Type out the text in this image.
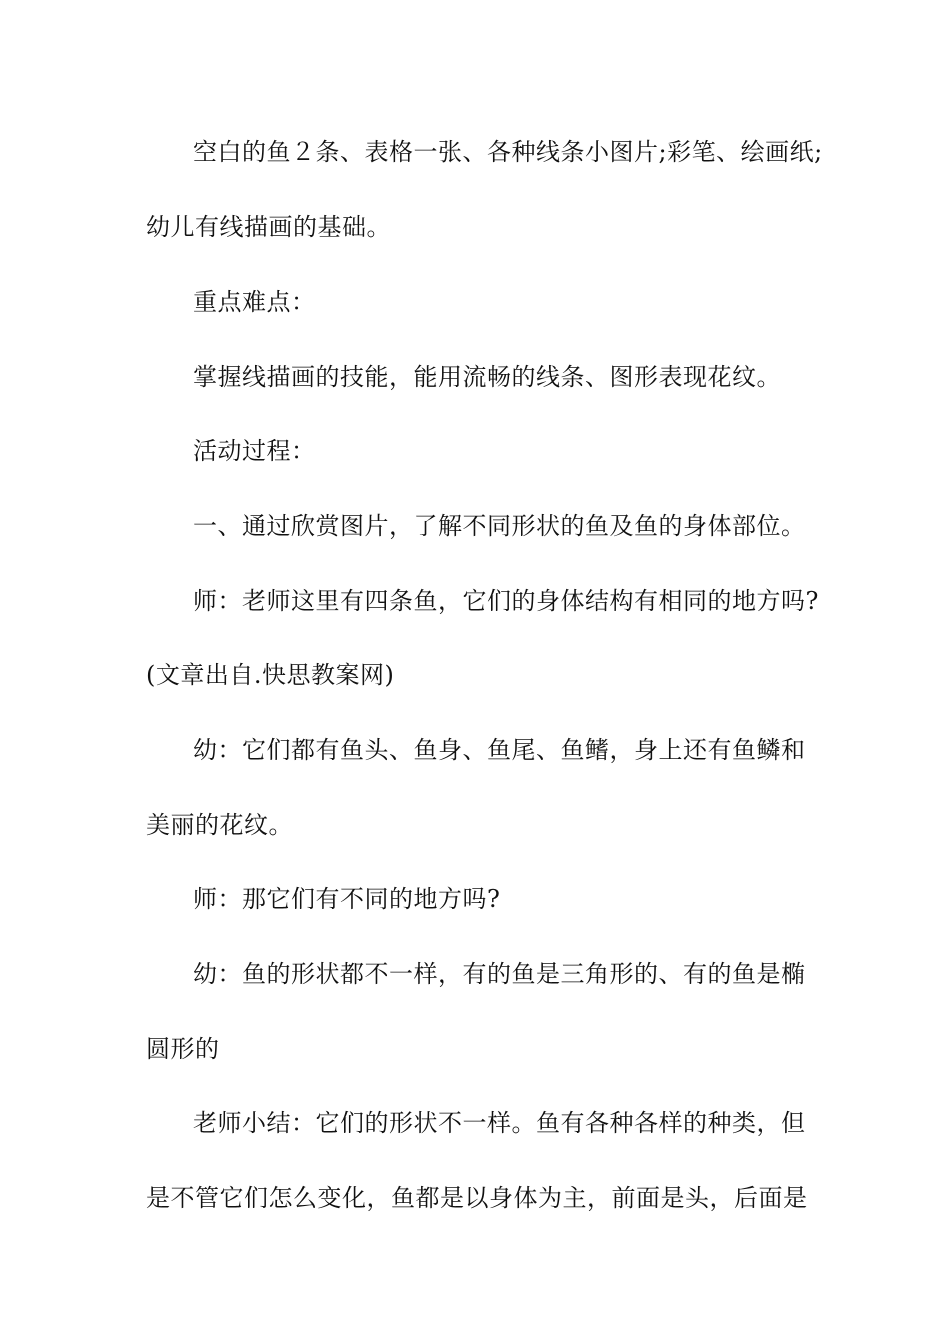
空白的鱼２条、表格一张、各种线条小图片;彩笔、绘画纸;
幼儿有线描画的基础。
重点难点：
掌握线描画的技能，能用流畅的线条、图形表现花纹。
活动过程：
一、通过欣赏图片，了解不同形状的鱼及鱼的身体部位。
师：老师这里有四条鱼，它们的身体结构有相同的地方吗?
(文章出自.快思教案网)
幼：它们都有鱼头、鱼身、鱼尾、鱼鳍，身上还有鱼鳞和
美丽的花纹。
师：那它们有不同的地方吗?
幼：鱼的形状都不一样，有的鱼是三角形的、有的鱼是椭
圆形的
老师小结：它们的形状不一样。鱼有各种各样的种类，但
是不管它们怎么变化，鱼都是以身体为主，前面是头，后面是
